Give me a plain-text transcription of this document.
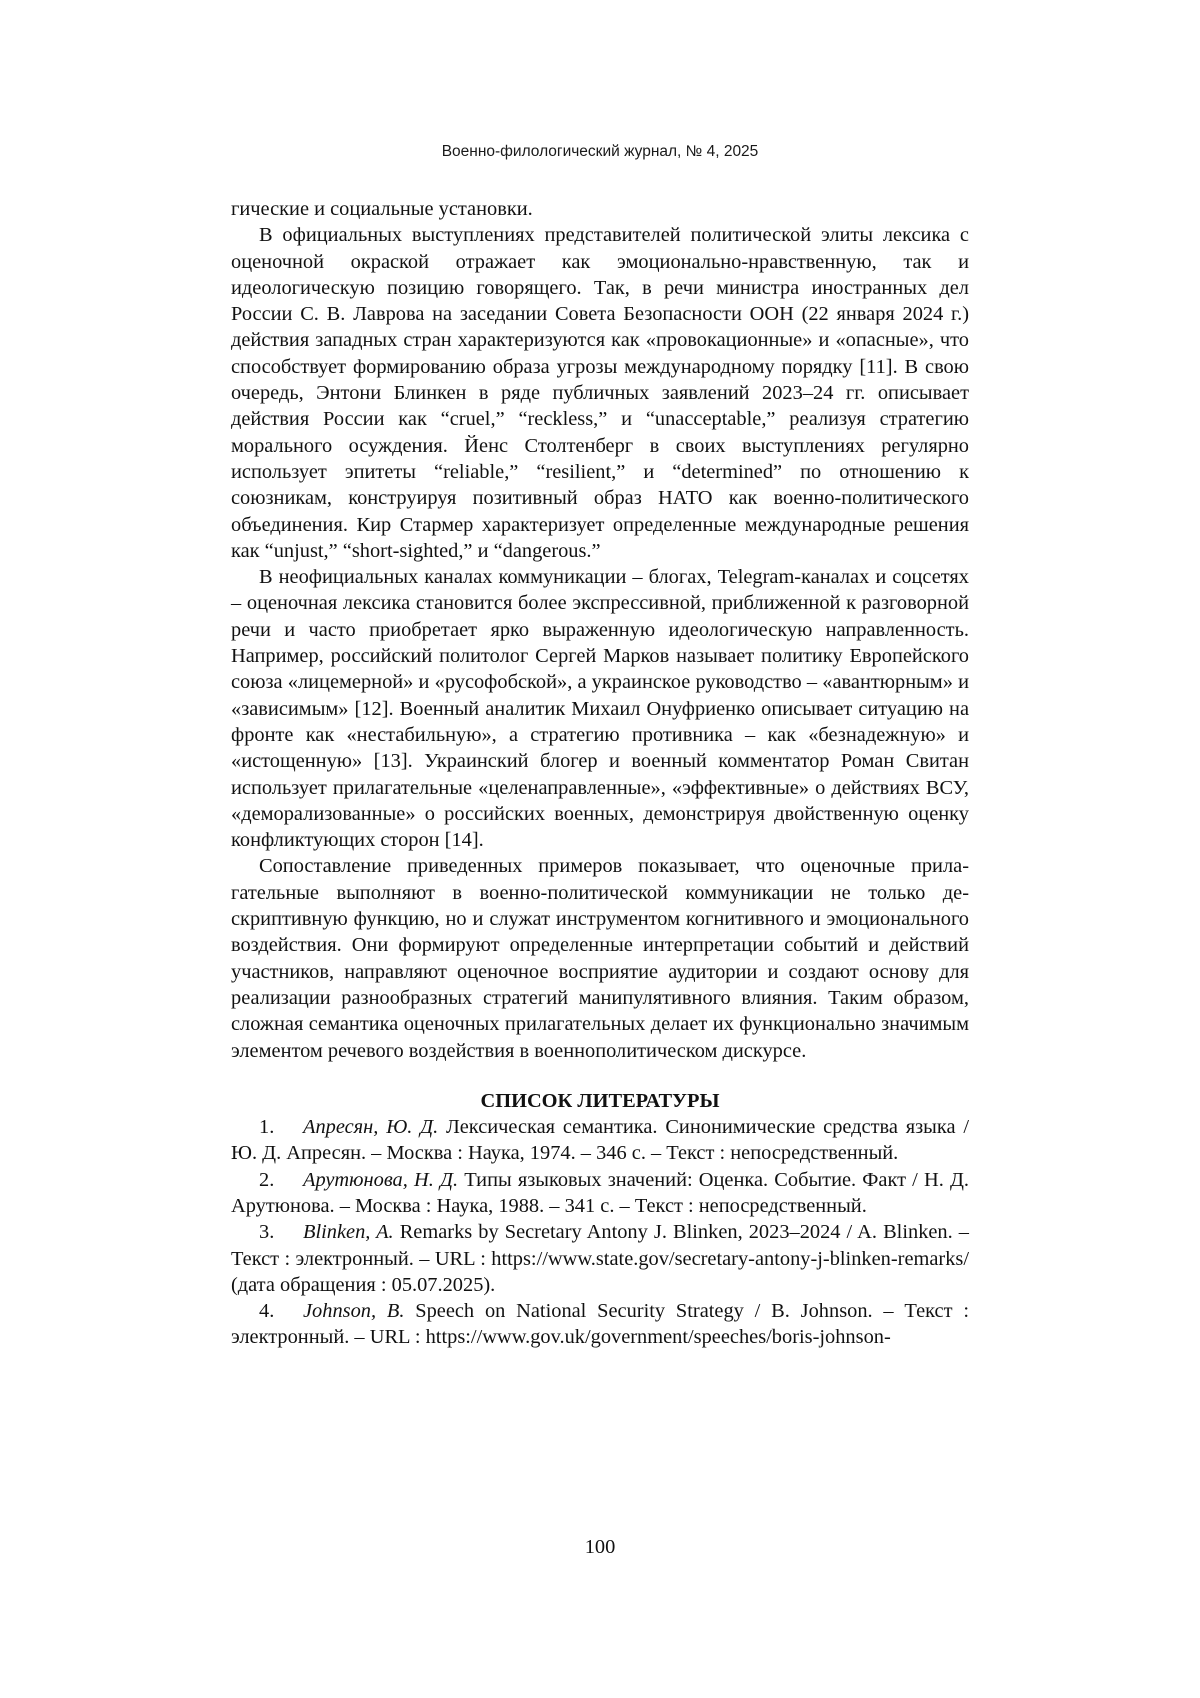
Военно-филологический журнал, № 4, 2025

гические и социальные установки.

В официальных выступлениях представителей политической элиты лексика с оценочной окраской отражает как эмоционально-нравственную, так и идеологическую позицию говорящего. Так, в речи министра иностранных дел России С. В. Лаврова на заседании Совета Безопасности ООН (22 января 2024 г.) действия западных стран характеризуются как «провокационные» и «опасные», что способствует формированию образа угрозы международному порядку [11]. В свою очередь, Энтони Блинкен в ряде публичных заявлений 2023–24 гг. описывает действия России как “cruel,” “reckless,” и “unacceptable,” реализуя стратегию морального осуждения. Йенс Столтенберг в своих выступлениях регулярно использует эпитеты “reliable,” “resilient,” и “determined” по отношению к союзникам, конструируя позитивный образ НАТО как военно-политического объединения. Кир Стармер характеризует определенные международные решения как “unjust,” “short-sighted,” и “dangerous.”

В неофициальных каналах коммуникации – блогах, Telegram-каналах и соцсетях – оценочная лексика становится более экспрессивной, приближенной к разговорной речи и часто приобретает ярко выраженную идеологическую направленность. Например, российский политолог Сергей Марков называет политику Европейского союза «лицемерной» и «русофобской», а украинское руководство – «авантюрным» и «зависимым» [12]. Военный аналитик Михаил Онуфриенко описывает ситуацию на фронте как «нестабильную», а стратегию противника – как «безнадежную» и «истощенную» [13]. Украинский блогер и военный комментатор Роман Свитан использует прилагательные «целенаправленные», «эффективные» о действиях ВСУ, «деморализованные» о российских военных, демонстрируя двойственную оценку конфликтующих сторон [14].

Сопоставление приведенных примеров показывает, что оценочные прилагательные выполняют в военно-политической коммуникации не только дескриптивную функцию, но и служат инструментом когнитивного и эмоционального воздействия. Они формируют определенные интерпретации событий и действий участников, направляют оценочное восприятие аудитории и создают основу для реализации разнообразных стратегий манипулятивного влияния. Таким образом, сложная семантика оценочных прилагательных делает их функционально значимым элементом речевого воздействия в военнополитическом дискурсе.

СПИСОК ЛИТЕРАТУРЫ

1. Апресян, Ю. Д. Лексическая семантика. Синонимические средства языка / Ю. Д. Апресян. – Москва : Наука, 1974. – 346 с. – Текст : непосредственный.

2. Арутюнова, Н. Д. Типы языковых значений: Оценка. Событие. Факт / Н. Д. Арутюнова. – Москва : Наука, 1988. – 341 с. – Текст : непосредственный.

3. Blinken, A. Remarks by Secretary Antony J. Blinken, 2023–2024 / A. Blinken. – Текст : электронный. – URL : https://www.state.gov/secretary-antony-j-blinken-remarks/ (дата обращения : 05.07.2025).

4. Johnson, B. Speech on National Security Strategy / B. Johnson. – Текст : электронный. – URL : https://www.gov.uk/government/speeches/boris-johnson-

100
